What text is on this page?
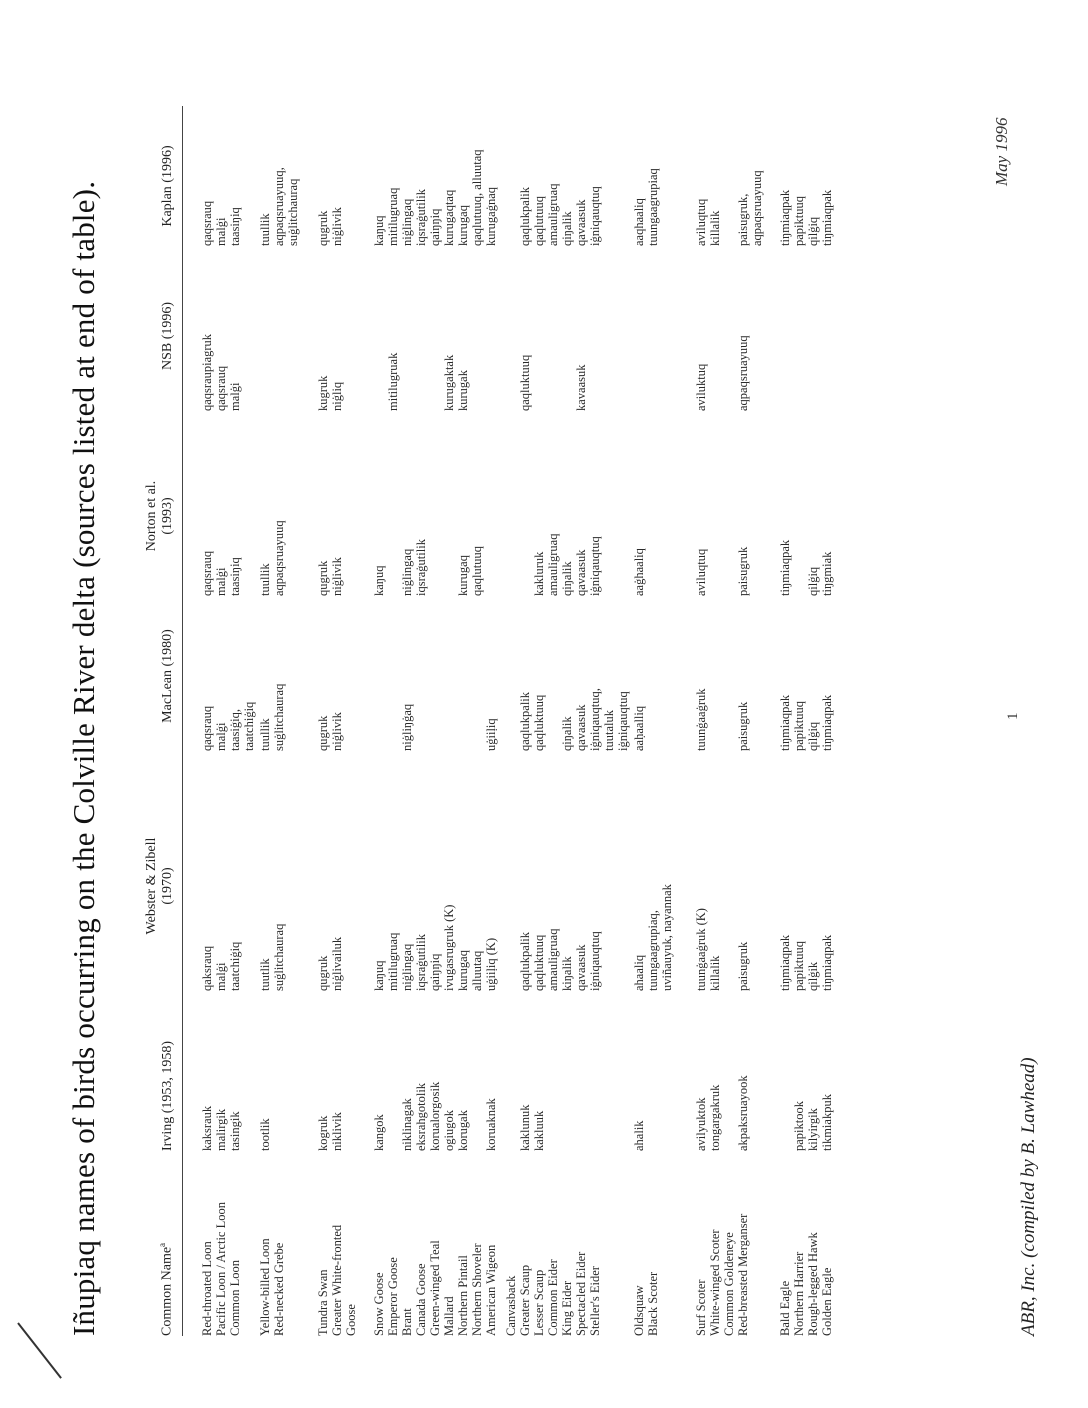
Iñupiaq names of birds occurring on the Colville River delta (sources listed at end of table).	Common Name$^a$
Irving (1953, 1958)
Webster & Zibell
(1970)
MacLean (1980)
Norton et al.
(1993)
NSB (1996)
Kaplan (1996)
Red-throated Loon
Pacific Loon / Arctic Loon
Common Loon
kaksrauk
malirgik
tasingik
qaksrauq
malġi
taatchiġiq
qaqsrauq
malġi
taasiġiq,
taatchiġiq
qaqsrauq
malġi
taasiŋiq
qaqsraupiagruk
qaqsrauq
malġi
qaqsrauq
malġi
taasiŋiq
Yellow-billed Loon
Red-necked Grebe
tootlik
tuutlik
suġlitchauraq
tuullik
suġlitchauraq
tuullik
aqpaqsruayuuq
tuullik
aqpaqsruayuuq,
suġlitchauraq
Tundra Swan
Greater White-fronted
Goose
kogruk
niklivik
qugruk
niġlivailuk
qugruk
niġlivik
qugruk
niġlivik
kugruk
niġliq
qugruk
niġlivik
Snow Goose
Emperor Goose
Brant
Canada Goose
Green-winged Teal
Mallard
Northern Pintail
Northern Shoveler
American Wigeon
kangok

niklinagak
eksrahgotolik
korualorgosik
ogiugok
korugak

koruaknak
kaŋuq
mitilugruaq
niġlingaq
iqsraġutilik
qaiŋŋiq
ivugasrugruk (K)
kurugaq
alluutaq
uġiiḷiq (K)

niġliŋġaq

uġiiḷiq
kaŋuq

niġlingaq
iqsraġutilik

kurugaq
qaqlutuuq

mitilugruak

kurugaktak
kurugak

kaŋuq
mitilugruaq
niġlingaq
iqsraġutilik
qaiŋŋiq
kurugaqtaq
kurugaq
qaqlutuuq, alluutaq
kurugaġnaq
Canvasback
Greater Scaup
Lesser Scaup
Common Eider
King Eider
Spectacled Eider
Steller's Eider

kaklunuk
kakluuk

qaqlukpalik
qaqluktuuq
amauligruaq
kiŋalik
qavaasuk
iġniqauqtuq

qaqlukpalik
qaqluktuuq

qiŋalik
qavaasuk
iġniqauqtuq,
tuutaluk
iġniqauqtuq

kakluruk
amauligruaq
qiŋalik
qavaasuk
iġniqauqtuq

qaqluktuuq

kavaasuk

qaqlukpalik
qaqlutuuq
amauligruaq
qiŋalik
qavaasuk
iġniqauqtuq
Oldsquaw
Black Scoter
ahalik
ahaaliq
tuungaagrupiaq,
uviñauyuk, nayannak
aaḥaalliq
aaġhaaliq
aaqhaaliq
tuungaagrupiaq
Surf Scoter
White-winged Scoter
Common Goldeneye
Red-breasted Merganser
avilyuktok
tongargakruk

akpaksruayook
tuunġaaġruk (K)
killalik

paisugruk
tuunġaaġruk

paisugruk
aviluqtuq

paisugruk
aviluktuq

aqpaqsruayuuq
aviluqtuq
killalik

paisugruk,
aqpaqsruayuuq
Bald Eagle
Northern Harrier
Rough-legged Hawk
Golden Eagle

papiktook
kilyirgik
tikmiakpuk
tiŋmiaqpak
papiktuuq
qilġik
tiŋmiaqpak
tiŋmiaqpak
papiktuuq
qilġiq
tiŋmiaqpak
tiŋmiaqpak

qilġiq
tiŋgmiak
tiŋmiaqpak
papiktuuq
qilġiq
tiŋmiaqpak
ABR, Inc. (compiled by B. Lawhead)
1
May 1996
